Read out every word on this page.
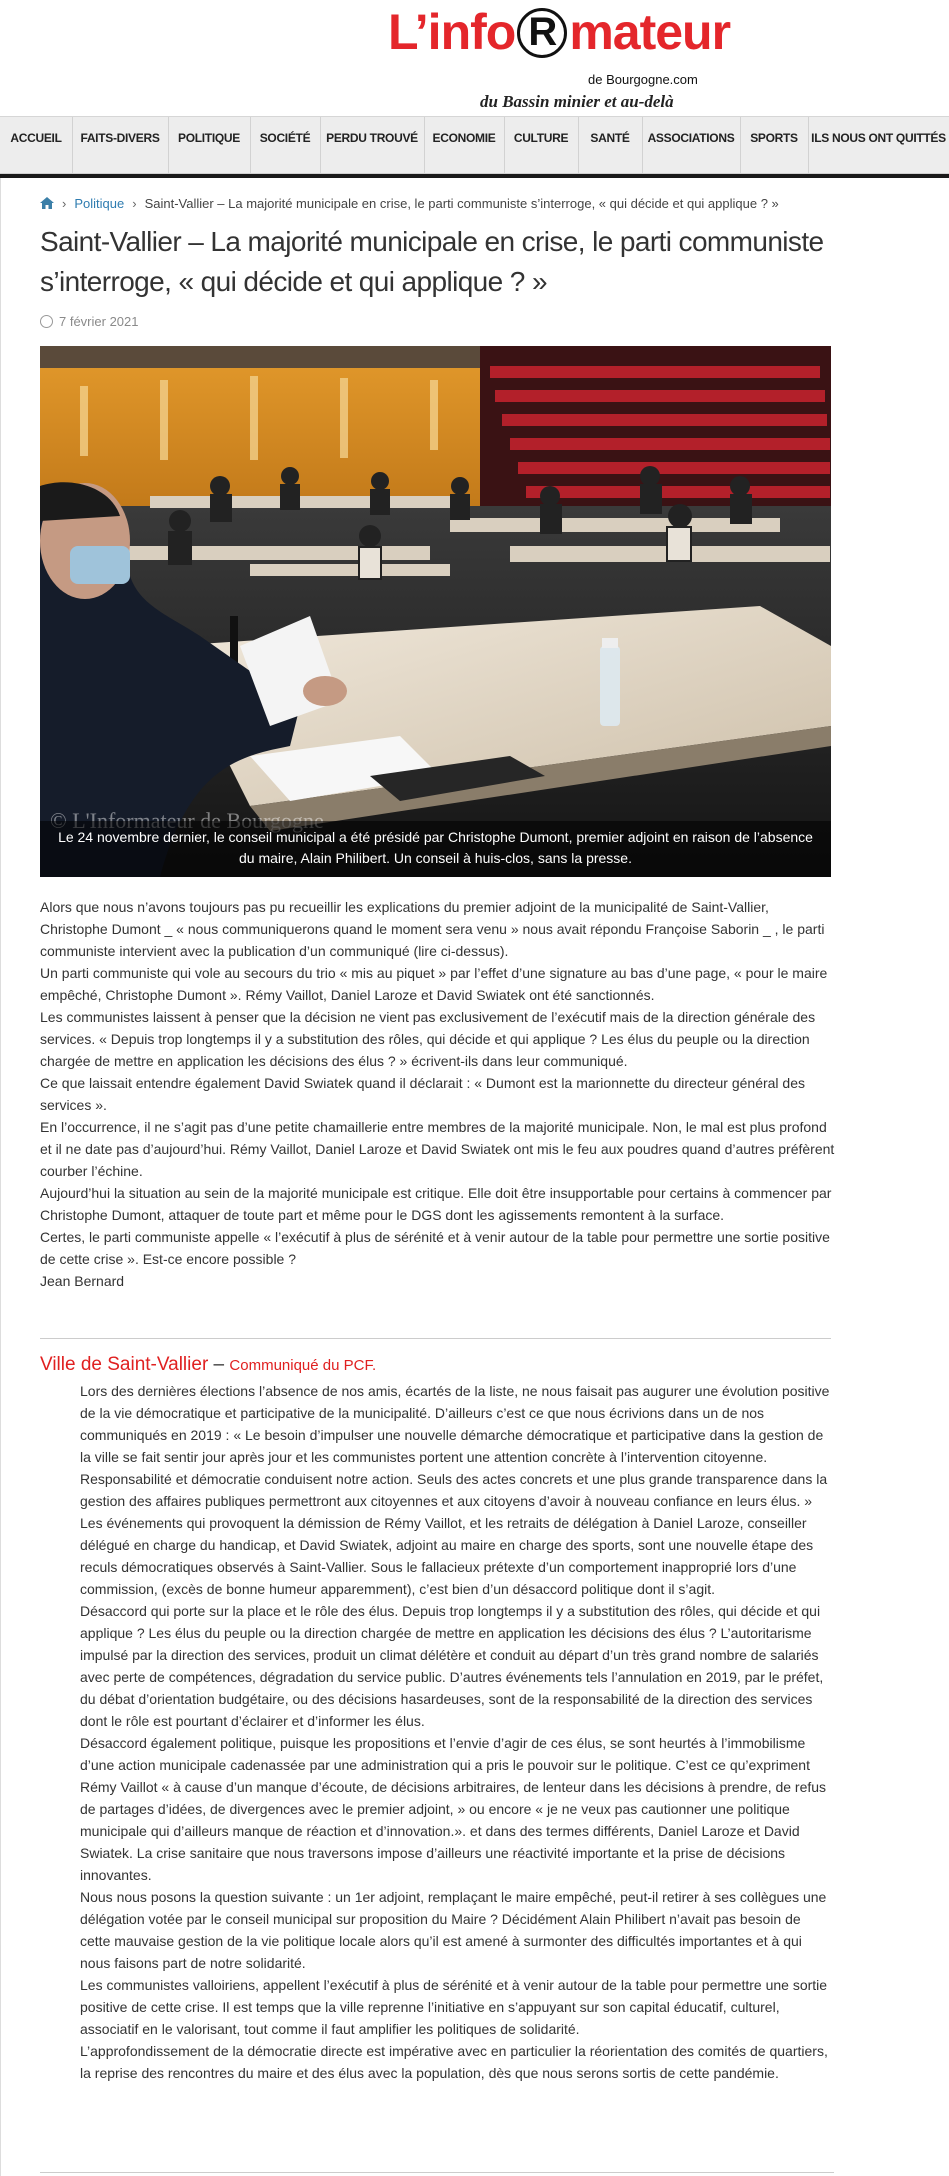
L’info R mateur
de Bourgogne.com
du Bassin minier et au-delà
ACCUEIL	FAITS-DIVERS	POLITIQUE	SOCIÉTÉ	PERDU TROUVÉ	ECONOMIE	CULTURE	SANTÉ	ASSOCIATIONS	SPORTS	ILS NOUS ONT QUITTÉS
› Politique › Saint-Vallier – La majorité municipale en crise, le parti communiste s’interroge, « qui décide et qui applique ? »
Saint-Vallier – La majorité municipale en crise, le parti communiste s’interroge, « qui décide et qui applique ? »
7 février 2021
Le 24 novembre dernier, le conseil municipal a été présidé par Christophe Dumont, premier adjoint en raison de l’absence du maire, Alain Philibert. Un conseil à huis-clos, sans la presse.

Alors que nous n’avons toujours pas pu recueillir les explications du premier adjoint de la municipalité de Saint-Vallier, Christophe Dumont _ « nous communiquerons quand le moment sera venu » nous avait répondu Françoise Saborin _ , le parti communiste intervient avec la publication d’un communiqué (lire ci-dessus).

Un parti communiste qui vole au secours du trio « mis au piquet » par l’effet d’une signature au bas d’une page, « pour le maire empêché, Christophe Dumont ». Rémy Vaillot, Daniel Laroze et David Swiatek ont été sanctionnés.

Les communistes laissent à penser que la décision ne vient pas exclusivement de l’exécutif mais de la direction générale des services. « Depuis trop longtemps il y a substitution des rôles, qui décide et qui applique ? Les élus du peuple ou la direction chargée de mettre en application les décisions des élus ? » écrivent-ils dans leur communiqué.

Ce que laissait entendre également David Swiatek quand il déclarait : « Dumont est la marionnette du directeur général des services ».

En l’occurrence, il ne s’agit pas d’une petite chamaillerie entre membres de la majorité municipale. Non, le mal est plus profond et il ne date pas d’aujourd’hui. Rémy Vaillot, Daniel Laroze et David Swiatek ont mis le feu aux poudres quand d’autres préfèrent courber l’échine.

Aujourd’hui la situation au sein de la majorité municipale est critique. Elle doit être insupportable pour certains à commencer par Christophe Dumont, attaquer de toute part et même pour le DGS dont les agissements remontent à la surface.

Certes, le parti communiste appelle « l’exécutif à plus de sérénité et à venir autour de la table pour permettre une sortie positive de cette crise ». Est-ce encore possible ?

Jean Bernard

Ville de Saint-Vallier – Communiqué du PCF.

Lors des dernières élections l’absence de nos amis, écartés de la liste, ne nous faisait pas augurer une évolution positive de la vie démocratique et participative de la municipalité. D’ailleurs c’est ce que nous écrivions dans un de nos communiqués en 2019 : « Le besoin d’impulser une nouvelle démarche démocratique et participative dans la gestion de la ville se fait sentir jour après jour et les communistes portent une attention concrète à l’intervention citoyenne. Responsabilité et démocratie conduisent notre action. Seuls des actes concrets et une plus grande transparence dans la gestion des affaires publiques permettront aux citoyennes et aux citoyens d’avoir à nouveau confiance en leurs élus. »

Les événements qui provoquent la démission de Rémy Vaillot, et les retraits de délégation à Daniel Laroze, conseiller délégué en charge du handicap, et David Swiatek, adjoint au maire en charge des sports, sont une nouvelle étape des reculs démocratiques observés à Saint-Vallier. Sous le fallacieux prétexte d’un comportement inapproprié lors d’une commission, (excès de bonne humeur apparemment), c’est bien d’un désaccord politique dont il s’agit.

Désaccord qui porte sur la place et le rôle des élus. Depuis trop longtemps il y a substitution des rôles, qui décide et qui applique ? Les élus du peuple ou la direction chargée de mettre en application les décisions des élus ? L’autoritarisme impulsé par la direction des services, produit un climat délétère et conduit au départ d’un très grand nombre de salariés avec perte de compétences, dégradation du service public. D’autres événements tels l’annulation en 2019, par le préfet, du débat d’orientation budgétaire, ou des décisions hasardeuses, sont de la responsabilité de la direction des services dont le rôle est pourtant d’éclairer et d’informer les élus.

Désaccord également politique, puisque les propositions et l’envie d’agir de ces élus, se sont heurtés à l’immobilisme d’une action municipale cadenassée par une administration qui a pris le pouvoir sur le politique. C’est ce qu’expriment Rémy Vaillot « à cause d’un manque d’écoute, de décisions arbitraires, de lenteur dans les décisions à prendre, de refus de partages d’idées, de divergences avec le premier adjoint, » ou encore « je ne veux pas cautionner une politique municipale qui d’ailleurs manque de réaction et d’innovation.». et dans des termes différents, Daniel Laroze et David Swiatek. La crise sanitaire que nous traversons impose d’ailleurs une réactivité importante et la prise de décisions innovantes.

Nous nous posons la question suivante : un 1er adjoint, remplaçant le maire empêché, peut-il retirer à ses collègues une délégation votée par le conseil municipal sur proposition du Maire ? Décidément Alain Philibert n’avait pas besoin de cette mauvaise gestion de la vie politique locale alors qu’il est amené à surmonter des difficultés importantes et à qui nous faisons part de notre solidarité.

Les communistes valloiriens, appellent l’exécutif à plus de sérénité et à venir autour de la table pour permettre une sortie positive de cette crise. Il est temps que la ville reprenne l’initiative en s’appuyant sur son capital éducatif, culturel, associatif en le valorisant, tout comme il faut amplifier les politiques de solidarité.

L’approfondissement de la démocratie directe est impérative avec en particulier la réorientation des comités de quartiers, la reprise des rencontres du maire et des élus avec la population, dès que nous serons sortis de cette pandémie.
